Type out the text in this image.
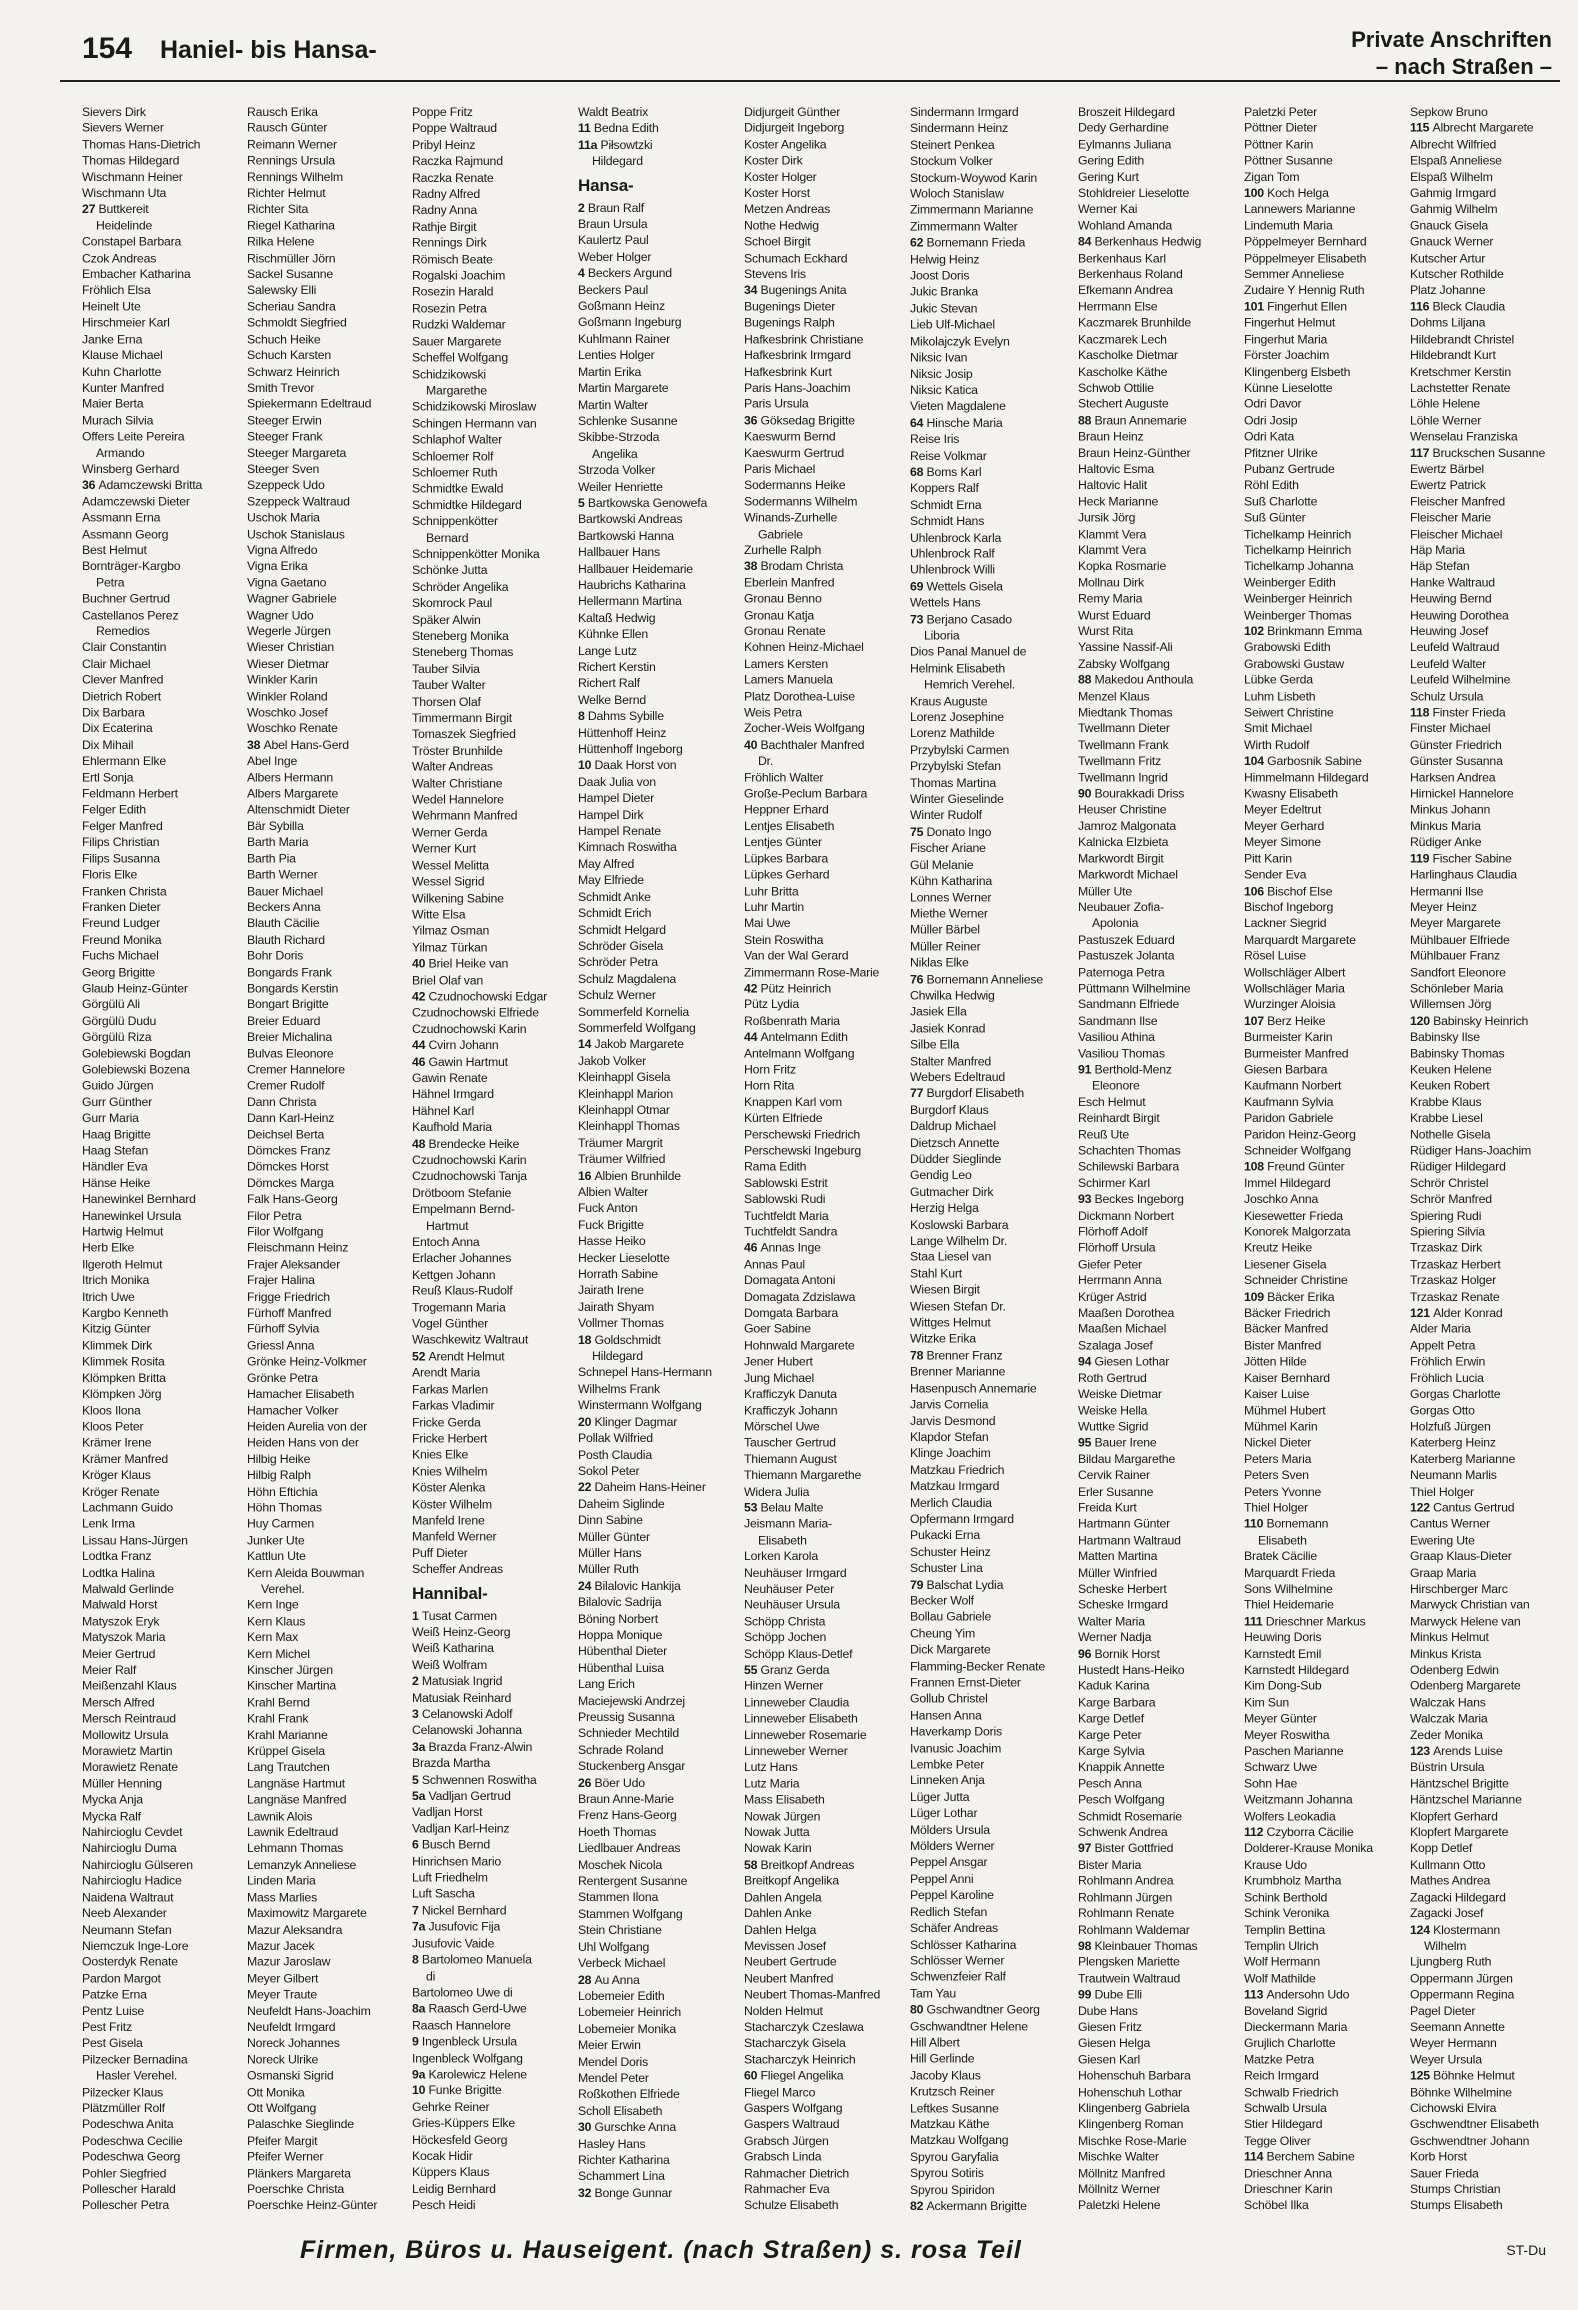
154 Haniel- bis Hansa-	Private Anschriften
– nach Straßen –
Sievers Dirk
Sievers Werner
Thomas Hans-Dietrich
Thomas Hildegard
Wischmann Heiner
Wischmann Uta
27 Buttkereit
Heidelinde
Constapel Barbara
Czok Andreas
Embacher Katharina
Fröhlich Elsa
Heinelt Ute
Hirschmeier Karl
Janke Erna
Klause Michael
Kuhn Charlotte
Kunter Manfred
Maier Berta
Murach Silvia
Offers Leite Pereira
Armando
Winsberg Gerhard
36 Adamczewski Britta
Adamczewski Dieter
Assmann Erna
Assmann Georg
Best Helmut
Bornträger-Kargbo
Petra
Buchner Gertrud
Castellanos Perez
Remedios
Clair Constantin
Clair Michael
Clever Manfred
Dietrich Robert
Dix Barbara
Dix Ecaterina
Dix Mihail
Ehlermann Elke
Ertl Sonja
Feldmann Herbert
Felger Edith
Felger Manfred
Filips Christian
Filips Susanna
Floris Elke
Franken Christa
Franken Dieter
Freund Ludger
Freund Monika
Fuchs Michael
Georg Brigitte
Glaub Heinz-Günter
Görgülü Ali
Görgülü Dudu
Görgülü Riza
Golebiewski Bogdan
Golebiewski Bozena
Guido Jürgen
Gurr Günther
Gurr Maria
Haag Brigitte
Haag Stefan
Händler Eva
Hänse Heike
Hanewinkel Bernhard
Hanewinkel Ursula
Hartwig Helmut
Herb Elke
Ilgeroth Helmut
Itrich Monika
Itrich Uwe
Kargbo Kenneth
Kitzig Günter
Klimmek Dirk
Klimmek Rosita
Klömpken Britta
Klömpken Jörg
Kloos Ilona
Kloos Peter
Krämer Irene
Krämer Manfred
Kröger Klaus
Kröger Renate
Lachmann Guido
Lenk Irma
Lissau Hans-Jürgen
Lodtka Franz
Lodtka Halina
Malwald Gerlinde
Malwald Horst
Matyszok Eryk
Matyszok Maria
Meier Gertrud
Meier Ralf
Meißenzahl Klaus
Mersch Alfred
Mersch Reintraud
Mollowitz Ursula
Morawietz Martin
Morawietz Renate
Müller Henning
Mycka Anja
Mycka Ralf
Nahircioglu Cevdet
Nahircioglu Duma
Nahircioglu Gülseren
Nahircioglu Hadice
Naidena Waltraut
Neeb Alexander
Neumann Stefan
Niemczuk Inge-Lore
Oosterdyk Renate
Pardon Margot
Patzke Erna
Pentz Luise
Pest Fritz
Pest Gisela
Pilzecker Bernadina
Hasler Verehel.
Pilzecker Klaus
Plätzmüller Rolf
Podeschwa Anita
Podeschwa Cecilie
Podeschwa Georg
Pohler Siegfried
Pollescher Harald
Pollescher Petra
Rausch Erika
Rausch Günter
Reimann Werner
Rennings Ursula
Rennings Wilhelm
Richter Helmut
Richter Sita
Riegel Katharina
Rilka Helene
Rischmüller Jörn
Sackel Susanne
Salewsky Elli
Scheriau Sandra
Schmoldt Siegfried
Schuch Heike
Schuch Karsten
Schwarz Heinrich
Smith Trevor
Spiekermann Edeltraud
Steeger Erwin
Steeger Frank
Steeger Margareta
Steeger Sven
Szeppeck Udo
Szeppeck Waltraud
Uschok Maria
Uschok Stanislaus
Vigna Alfredo
Vigna Erika
Vigna Gaetano
Wagner Gabriele
Wagner Udo
Wegerle Jürgen
Wieser Christian
Wieser Dietmar
Winkler Karin
Winkler Roland
Woschko Josef
Woschko Renate
38 Abel Hans-Gerd
Abel Inge
Albers Hermann
Albers Margarete
Altenschmidt Dieter
Bär Sybilla
Barth Maria
Barth Pia
Barth Werner
Bauer Michael
Beckers Anna
Blauth Cäcilie
Blauth Richard
Bohr Doris
Bongards Frank
Bongards Kerstin
Bongart Brigitte
Breier Eduard
Breier Michalina
Bulvas Eleonore
Cremer Hannelore
Cremer Rudolf
Dann Christa
Dann Karl-Heinz
Deichsel Berta
Dömckes Franz
Dömckes Horst
Dömckes Marga
Falk Hans-Georg
Filor Petra
Filor Wolfgang
Fleischmann Heinz
Frajer Aleksander
Frajer Halina
Frigge Friedrich
Fürhoff Manfred
Fürhoff Sylvia
Griessl Anna
Grönke Heinz-Volkmer
Grönke Petra
Hamacher Elisabeth
Hamacher Volker
Heiden Aurelia von der
Heiden Hans von der
Hilbig Heike
Hilbig Ralph
Höhn Eftichia
Höhn Thomas
Huy Carmen
Junker Ute
Kattlun Ute
Kern Aleida Bouwman
Verehel.
Kern Inge
Kern Klaus
Kern Max
Kern Michel
Kinscher Jürgen
Kinscher Martina
Krahl Bernd
Krahl Frank
Krahl Marianne
Krüppel Gisela
Lang Trautchen
Langnäse Hartmut
Langnäse Manfred
Lawnik Alois
Lawnik Edeltraud
Lehmann Thomas
Lemanzyk Anneliese
Linden Maria
Mass Marlies
Maximowitz Margarete
Mazur Aleksandra
Mazur Jacek
Mazur Jaroslaw
Meyer Gilbert
Meyer Traute
Neufeldt Hans-Joachim
Neufeldt Irmgard
Noreck Johannes
Noreck Ulrike
Osmanski Sigrid
Ott Monika
Ott Wolfgang
Palaschke Sieglinde
Pfeifer Margit
Pfeifer Werner
Plänkers Margareta
Poerschke Christa
Poerschke Heinz-Günter
Poppe Fritz
Poppe Waltraud
Pribyl Heinz
Raczka Rajmund
Raczka Renate
Radny Alfred
Radny Anna
Rathje Birgit
Rennings Dirk
Römisch Beate
Rogalski Joachim
Rosezin Harald
Rosezin Petra
Rudzki Waldemar
Sauer Margarete
Scheffel Wolfgang
Schidzikowski
Margarethe
Schidzikowski Miroslaw
Schingen Hermann van
Schlaphof Walter
Schloemer Rolf
Schloemer Ruth
Schmidtke Ewald
Schmidtke Hildegard
Schnippenkötter
Bernard
Schnippenkötter Monika
Schönke Jutta
Schröder Angelika
Skomrock Paul
Späker Alwin
Steneberg Monika
Steneberg Thomas
Tauber Silvia
Tauber Walter
Thorsen Olaf
Timmermann Birgit
Tomaszek Siegfried
Tröster Brunhilde
Walter Andreas
Walter Christiane
Wedel Hannelore
Wehrmann Manfred
Werner Gerda
Werner Kurt
Wessel Melitta
Wessel Sigrid
Wilkening Sabine
Witte Elsa
Yilmaz Osman
Yilmaz Türkan
40 Briel Heike van
Briel Olaf van
42 Czudnochowski Edgar
Czudnochowski Elfriede
Czudnochowski Karin
44 Cvirn Johann
46 Gawin Hartmut
Gawin Renate
Hähnel Irmgard
Hähnel Karl
Kaufhold Maria
48 Brendecke Heike
Czudnochowski Karin
Czudnochowski Tanja
Drötboom Stefanie
Empelmann Bernd-
Hartmut
Entoch Anna
Erlacher Johannes
Kettgen Johann
Reuß Klaus-Rudolf
Trogemann Maria
Vogel Günther
Waschkewitz Waltraut
52 Arendt Helmut
Arendt Maria
Farkas Marlen
Farkas Vladimir
Fricke Gerda
Fricke Herbert
Knies Elke
Knies Wilhelm
Köster Alenka
Köster Wilhelm
Manfeld Irene
Manfeld Werner
Puff Dieter
Scheffer Andreas
Hannibal-
1 Tusat Carmen
Weiß Heinz-Georg
Weiß Katharina
Weiß Wolfram
2 Matusiak Ingrid
Matusiak Reinhard
3 Celanowski Adolf
Celanowski Johanna
3a Brazda Franz-Alwin
Brazda Martha
5 Schwennen Roswitha
5a Vadljan Gertrud
Vadljan Horst
Vadljan Karl-Heinz
6 Busch Bernd
Hinrichsen Mario
Luft Friedhelm
Luft Sascha
7 Nickel Bernhard
7a Jusufovic Fija
Jusufovic Vaide
8 Bartolomeo Manuela
di
Bartolomeo Uwe di
8a Raasch Gerd-Uwe
Raasch Hannelore
9 Ingenbleck Ursula
Ingenbleck Wolfgang
9a Karolewicz Helene
10 Funke Brigitte
Gehrke Reiner
Gries-Küppers Elke
Höckesfeld Georg
Kocak Hidir
Küppers Klaus
Leidig Bernhard
Pesch Heidi
Waldt Beatrix
11 Bedna Edith
11a Piłsowtzki
Hildegard
Hansa-
2 Braun Ralf
Braun Ursula
Kaulertz Paul
Weber Holger
4 Beckers Argund
Beckers Paul
Goßmann Heinz
Goßmann Ingeburg
Kuhlmann Rainer
Lenties Holger
Martin Erika
Martin Margarete
Martin Walter
Schlenke Susanne
Skibbe-Strzoda
Angelika
Strzoda Volker
Weiler Henriette
5 Bartkowska Genowefa
Bartkowski Andreas
Bartkowski Hanna
Hallbauer Hans
Hallbauer Heidemarie
Haubrichs Katharina
Hellermann Martina
Kaltaß Hedwig
Kühnke Ellen
Lange Lutz
Richert Kerstin
Richert Ralf
Welke Bernd
8 Dahms Sybille
Hüttenhoff Heinz
Hüttenhoff Ingeborg
10 Daak Horst von
Daak Julia von
Hampel Dieter
Hampel Dirk
Hampel Renate
Kimnach Roswitha
May Alfred
May Elfriede
Schmidt Anke
Schmidt Erich
Schmidt Helgard
Schröder Gisela
Schröder Petra
Schulz Magdalena
Schulz Werner
Sommerfeld Kornelia
Sommerfeld Wolfgang
14 Jakob Margarete
Jakob Volker
Kleinhappl Gisela
Kleinhappl Marion
Kleinhappl Otmar
Kleinhappl Thomas
Träumer Margrit
Träumer Wilfried
16 Albien Brunhilde
Albien Walter
Fuck Anton
Fuck Brigitte
Hasse Heiko
Hecker Lieselotte
Horrath Sabine
Jairath Irene
Jairath Shyam
Vollmer Thomas
18 Goldschmidt
Hildegard
Schnepel Hans-Hermann
Wilhelms Frank
Winstermann Wolfgang
20 Klinger Dagmar
Pollak Wilfried
Posth Claudia
Sokol Peter
22 Daheim Hans-Heiner
Daheim Siglinde
Dinn Sabine
Müller Günter
Müller Hans
Müller Ruth
24 Bilalovic Hankija
Bilalovic Sadrija
Böning Norbert
Hoppa Monique
Hübenthal Dieter
Hübenthal Luisa
Lang Erich
Maciejewski Andrzej
Preussig Susanna
Schnieder Mechtild
Schrade Roland
Stuckenberg Ansgar
26 Böer Udo
Braun Anne-Marie
Frenz Hans-Georg
Hoeth Thomas
Liedlbauer Andreas
Moschek Nicola
Rentergent Susanne
Stammen Ilona
Stammen Wolfgang
Stein Christiane
Uhl Wolfgang
Verbeck Michael
28 Au Anna
Lobemeier Edith
Lobemeier Heinrich
Lobemeier Monika
Meier Erwin
Mendel Doris
Mendel Peter
Roßkothen Elfriede
Scholl Elisabeth
30 Gurschke Anna
Hasley Hans
Richter Katharina
Schammert Lina
32 Bonge Gunnar
Didjurgeit Günther
Didjurgeit Ingeborg
Koster Angelika
Koster Dirk
Koster Holger
Koster Horst
Metzen Andreas
Nothe Hedwig
Schoel Birgit
Schumach Eckhard
Stevens Iris
34 Bugenings Anita
Bugenings Dieter
Bugenings Ralph
Hafkesbrink Christiane
Hafkesbrink Irmgard
Hafkesbrink Kurt
Paris Hans-Joachim
Paris Ursula
36 Göksedag Brigitte
Kaeswurm Bernd
Kaeswurm Gertrud
Paris Michael
Sodermanns Heike
Sodermanns Wilhelm
Winands-Zurhelle
Gabriele
Zurhelle Ralph
38 Brodam Christa
Eberlein Manfred
Gronau Benno
Gronau Katja
Gronau Renate
Kohnen Heinz-Michael
Lamers Kersten
Lamers Manuela
Platz Dorothea-Luise
Weis Petra
Zocher-Weis Wolfgang
40 Bachthaler Manfred
Dr.
Fröhlich Walter
Große-Peclum Barbara
Heppner Erhard
Lentjes Elisabeth
Lentjes Günter
Lüpkes Barbara
Lüpkes Gerhard
Luhr Britta
Luhr Martin
Mai Uwe
Stein Roswitha
Van der Wal Gerard
Zimmermann Rose-Marie
42 Pütz Heinrich
Pütz Lydia
Roßbenrath Maria
44 Antelmann Edith
Antelmann Wolfgang
Horn Fritz
Horn Rita
Knappen Karl vom
Kürten Elfriede
Perschewski Friedrich
Perschewski Ingeburg
Rama Edith
Sablowski Estrit
Sablowski Rudi
Tuchtfeldt Maria
Tuchtfeldt Sandra
46 Annas Inge
Annas Paul
Domagata Antoni
Domagata Zdzislawa
Domgata Barbara
Goer Sabine
Hohnwald Margarete
Jener Hubert
Jung Michael
Krafficzyk Danuta
Krafficzyk Johann
Mörschel Uwe
Tauscher Gertrud
Thiemann August
Thiemann Margarethe
Widera Julia
53 Belau Malte
Jeismann Maria-
Elisabeth
Lorken Karola
Neuhäuser Irmgard
Neuhäuser Peter
Neuhäuser Ursula
Schöpp Christa
Schöpp Jochen
Schöpp Klaus-Detlef
55 Granz Gerda
Hinzen Werner
Linneweber Claudia
Linneweber Elisabeth
Linneweber Rosemarie
Linneweber Werner
Lutz Hans
Lutz Maria
Mass Elisabeth
Nowak Jürgen
Nowak Jutta
Nowak Karin
58 Breitkopf Andreas
Breitkopf Angelika
Dahlen Angela
Dahlen Anke
Dahlen Helga
Mevissen Josef
Neubert Gertrude
Neubert Manfred
Neubert Thomas-Manfred
Nolden Helmut
Stacharczyk Czeslawa
Stacharczyk Gisela
Stacharczyk Heinrich
60 Fliegel Angelika
Fliegel Marco
Gaspers Wolfgang
Gaspers Waltraud
Grabsch Jürgen
Grabsch Linda
Rahmacher Dietrich
Rahmacher Eva
Schulze Elisabeth
Sindermann Irmgard
Sindermann Heinz
Steinert Penkea
Stockum Volker
Stockum-Woywod Karin
Woloch Stanislaw
Zimmermann Marianne
Zimmermann Walter
62 Bornemann Frieda
Helwig Heinz
Joost Doris
Jukic Branka
Jukic Stevan
Lieb Ulf-Michael
Mikolajczyk Evelyn
Niksic Ivan
Niksic Josip
Niksic Katica
Vieten Magdalene
64 Hinsche Maria
Reise Iris
Reise Volkmar
68 Boms Karl
Koppers Ralf
Schmidt Erna
Schmidt Hans
Uhlenbrock Karla
Uhlenbrock Ralf
Uhlenbrock Willi
69 Wettels Gisela
Wettels Hans
73 Berjano Casado
Liboria
Dios Panal Manuel de
Helmink Elisabeth
Hemrich Verehel.
Kraus Auguste
Lorenz Josephine
Lorenz Mathilde
Przybylski Carmen
Przybylski Stefan
Thomas Martina
Winter Gieselinde
Winter Rudolf
75 Donato Ingo
Fischer Ariane
Gül Melanie
Kühn Katharina
Lonnes Werner
Miethe Werner
Müller Bärbel
Müller Reiner
Niklas Elke
76 Bornemann Anneliese
Chwilka Hedwig
Jasiek Ella
Jasiek Konrad
Silbe Ella
Stalter Manfred
Webers Edeltraud
77 Burgdorf Elisabeth
Burgdorf Klaus
Daldrup Michael
Dietzsch Annette
Düdder Sieglinde
Gendig Leo
Gutmacher Dirk
Herzig Helga
Koslowski Barbara
Lange Wilhelm Dr.
Staa Liesel van
Stahl Kurt
Wiesen Birgit
Wiesen Stefan Dr.
Wittges Helmut
Witzke Erika
78 Brenner Franz
Brenner Marianne
Hasenpusch Annemarie
Jarvis Cornelia
Jarvis Desmond
Klapdor Stefan
Klinge Joachim
Matzkau Friedrich
Matzkau Irmgard
Merlich Claudia
Opfermann Irmgard
Pukacki Erna
Schuster Heinz
Schuster Lina
79 Balschat Lydia
Becker Wolf
Bollau Gabriele
Cheung Yim
Dick Margarete
Flamming-Becker Renate
Frannen Ernst-Dieter
Gollub Christel
Hansen Anna
Haverkamp Doris
Ivanusic Joachim
Lembke Peter
Linneken Anja
Lüger Jutta
Lüger Lothar
Mölders Ursula
Mölders Werner
Peppel Ansgar
Peppel Anni
Peppel Karoline
Redlich Stefan
Schäfer Andreas
Schlösser Katharina
Schlösser Werner
Schwenzfeier Ralf
Tam Yau
80 Gschwandtner Georg
Gschwandtner Helene
Hill Albert
Hill Gerlinde
Jacoby Klaus
Krutzsch Reiner
Leftkes Susanne
Matzkau Käthe
Matzkau Wolfgang
Spyrou Garyfalia
Spyrou Sotiris
Spyrou Spiridon
82 Ackermann Brigitte
Broszeit Hildegard
Dedy Gerhardine
Eylmanns Juliana
Gering Edith
Gering Kurt
Stohldreier Lieselotte
Werner Kai
Wohland Amanda
84 Berkenhaus Hedwig
Berkenhaus Karl
Berkenhaus Roland
Efkemann Andrea
Herrmann Else
Kaczmarek Brunhilde
Kaczmarek Lech
Kascholke Dietmar
Kascholke Käthe
Schwob Ottilie
Stechert Auguste
88 Braun Annemarie
Braun Heinz
Braun Heinz-Günther
Haltovic Esma
Haltovic Halit
Heck Marianne
Jursik Jörg
Klammt Vera
Klammt Vera
Kopka Rosmarie
Mollnau Dirk
Remy Maria
Wurst Eduard
Wurst Rita
Yassine Nassif-Ali
Zabsky Wolfgang
88 Makedou Anthoula
Menzel Klaus
Miedtank Thomas
Twellmann Dieter
Twellmann Frank
Twellmann Fritz
Twellmann Ingrid
90 Bourakkadi Driss
Heuser Christine
Jamroz Malgonata
Kalnicka Elzbieta
Markwordt Birgit
Markwordt Michael
Müller Ute
Neubauer Zofia-
Apolonia
Pastuszek Eduard
Pastuszek Jolanta
Paternoga Petra
Püttmann Wilhelmine
Sandmann Elfriede
Sandmann Ilse
Vasiliou Athina
Vasiliou Thomas
91 Berthold-Menz
Eleonore
Esch Helmut
Reinhardt Birgit
Reuß Ute
Schachten Thomas
Schilewski Barbara
Schirmer Karl
93 Beckes Ingeborg
Dickmann Norbert
Flörhoff Adolf
Flörhoff Ursula
Giefer Peter
Herrmann Anna
Krüger Astrid
Maaßen Dorothea
Maaßen Michael
Szalaga Josef
94 Giesen Lothar
Roth Gertrud
Weiske Dietmar
Weiske Hella
Wuttke Sigrid
95 Bauer Irene
Bildau Margarethe
Cervik Rainer
Erler Susanne
Freida Kurt
Hartmann Günter
Hartmann Waltraud
Matten Martina
Müller Winfried
Scheske Herbert
Scheske Irmgard
Walter Maria
Werner Nadja
96 Bornik Horst
Hustedt Hans-Heiko
Kaduk Karina
Karge Barbara
Karge Detlef
Karge Peter
Karge Sylvia
Knappik Annette
Pesch Anna
Pesch Wolfgang
Schmidt Rosemarie
Schwenk Andrea
97 Bister Gottfried
Bister Maria
Rohlmann Andrea
Rohlmann Jürgen
Rohlmann Renate
Rohlmann Waldemar
98 Kleinbauer Thomas
Plengsken Mariette
Trautwein Waltraud
99 Dube Elli
Dube Hans
Giesen Fritz
Giesen Helga
Giesen Karl
Hohenschuh Barbara
Hohenschuh Lothar
Klingenberg Gabriela
Klingenberg Roman
Mischke Rose-Marie
Mischke Walter
Möllnitz Manfred
Möllnitz Werner
Paletzki Helene
Paletzki Peter
Pöttner Dieter
Pöttner Karin
Pöttner Susanne
Zigan Tom
100 Koch Helga
Lannewers Marianne
Lindemuth Maria
Pöppelmeyer Bernhard
Pöppelmeyer Elisabeth
Semmer Anneliese
Zudaire Y Hennig Ruth
101 Fingerhut Ellen
Fingerhut Helmut
Fingerhut Maria
Förster Joachim
Klingenberg Elsbeth
Künne Lieselotte
Odri Davor
Odri Josip
Odri Kata
Pfitzner Ulrike
Pubanz Gertrude
Röhl Edith
Suß Charlotte
Suß Günter
Tichelkamp Heinrich
Tichelkamp Heinrich
Tichelkamp Johanna
Weinberger Edith
Weinberger Heinrich
Weinberger Thomas
102 Brinkmann Emma
Grabowski Edith
Grabowski Gustaw
Lübke Gerda
Luhm Lisbeth
Seiwert Christine
Smit Michael
Wirth Rudolf
104 Garbosnik Sabine
Himmelmann Hildegard
Kwasny Elisabeth
Meyer Edeltrut
Meyer Gerhard
Meyer Simone
Pitt Karin
Sender Eva
106 Bischof Else
Bischof Ingeborg
Lackner Siegrid
Marquardt Margarete
Rösel Luise
Wollschläger Albert
Wollschläger Maria
Wurzinger Aloisia
107 Berz Heike
Burmeister Karin
Burmeister Manfred
Giesen Barbara
Kaufmann Norbert
Kaufmann Sylvia
Paridon Gabriele
Paridon Heinz-Georg
Schneider Wolfgang
108 Freund Günter
Immel Hildegard
Joschko Anna
Kiesewetter Frieda
Konorek Malgorzata
Kreutz Heike
Liesener Gisela
Schneider Christine
109 Bäcker Erika
Bäcker Friedrich
Bäcker Manfred
Bister Manfred
Jötten Hilde
Kaiser Bernhard
Kaiser Luise
Mühmel Hubert
Mühmel Karin
Nickel Dieter
Peters Maria
Peters Sven
Peters Yvonne
Thiel Holger
110 Bornemann
Elisabeth
Bratek Cäcilie
Marquardt Frieda
Sons Wilhelmine
Thiel Heidemarie
111 Drieschner Markus
Heuwing Doris
Karnstedt Emil
Karnstedt Hildegard
Kim Dong-Sub
Kim Sun
Meyer Günter
Meyer Roswitha
Paschen Marianne
Schwarz Uwe
Sohn Hae
Weitzmann Johanna
Wolfers Leokadia
112 Czyborra Cäcilie
Dolderer-Krause Monika
Krause Udo
Krumbholz Martha
Schink Berthold
Schink Veronika
Templin Bettina
Templin Ulrich
Wolf Hermann
Wolf Mathilde
113 Andersohn Udo
Boveland Sigrid
Dieckermann Maria
Grujlich Charlotte
Matzke Petra
Reich Irmgard
Schwalb Friedrich
Schwalb Ursula
Stier Hildegard
Tegge Oliver
114 Berchem Sabine
Drieschner Anna
Drieschner Karin
Schöbel Ilka
Sepkow Bruno
115 Albrecht Margarete
Albrecht Wilfried
Elspaß Anneliese
Elspaß Wilhelm
Gahmig Irmgard
Gahmig Wilhelm
Gnauck Gisela
Gnauck Werner
Kutscher Artur
Kutscher Rothilde
Platz Johanne
116 Bleck Claudia
Dohms Liljana
Hildebrandt Christel
Hildebrandt Kurt
Kretschmer Kerstin
Lachstetter Renate
Löhle Helene
Löhle Werner
Wenselau Franziska
117 Bruckschen Susanne
Ewertz Bärbel
Ewertz Patrick
Fleischer Manfred
Fleischer Marie
Fleischer Michael
Häp Maria
Häp Stefan
Hanke Waltraud
Heuwing Bernd
Heuwing Dorothea
Heuwing Josef
Leufeld Waltraud
Leufeld Walter
Leufeld Wilhelmine
Schulz Ursula
118 Finster Frieda
Finster Michael
Günster Friedrich
Günster Susanna
Harksen Andrea
Hirnickel Hannelore
Minkus Johann
Minkus Maria
Rüdiger Anke
119 Fischer Sabine
Harlinghaus Claudia
Hermanni Ilse
Meyer Heinz
Meyer Margarete
Mühlbauer Elfriede
Mühlbauer Franz
Sandfort Eleonore
Schönleber Maria
Willemsen Jörg
120 Babinsky Heinrich
Babinsky Ilse
Babinsky Thomas
Keuken Helene
Keuken Robert
Krabbe Klaus
Krabbe Liesel
Nothelle Gisela
Rüdiger Hans-Joachim
Rüdiger Hildegard
Schrör Christel
Schrör Manfred
Spiering Rudi
Spiering Silvia
Trzaskaz Dirk
Trzaskaz Herbert
Trzaskaz Holger
Trzaskaz Renate
121 Alder Konrad
Alder Maria
Appelt Petra
Fröhlich Erwin
Fröhlich Lucia
Gorgas Charlotte
Gorgas Otto
Holzfuß Jürgen
Katerberg Heinz
Katerberg Marianne
Neumann Marlis
Thiel Holger
122 Cantus Gertrud
Cantus Werner
Ewering Ute
Graap Klaus-Dieter
Graap Maria
Hirschberger Marc
Marwyck Christian van
Marwyck Helene van
Minkus Helmut
Minkus Krista
Odenberg Edwin
Odenberg Margarete
Walczak Hans
Walczak Maria
Zeder Monika
123 Arends Luise
Büstrin Ursula
Häntzschel Brigitte
Häntzschel Marianne
Klopfert Gerhard
Klopfert Margarete
Kopp Detlef
Kullmann Otto
Mathes Andrea
Zagacki Hildegard
Zagacki Josef
124 Klostermann
Wilhelm
Ljungberg Ruth
Oppermann Jürgen
Oppermann Regina
Pagel Dieter
Seemann Annette
Weyer Hermann
Weyer Ursula
125 Böhnke Helmut
Böhnke Wilhelmine
Cichowski Elvira
Gschwendtner Elisabeth
Gschwendtner Johann
Korb Horst
Sauer Frieda
Stumps Christian
Stumps Elisabeth
Firmen, Büros u. Hauseigent. (nach Straßen) s. rosa Teil	ST-Du
